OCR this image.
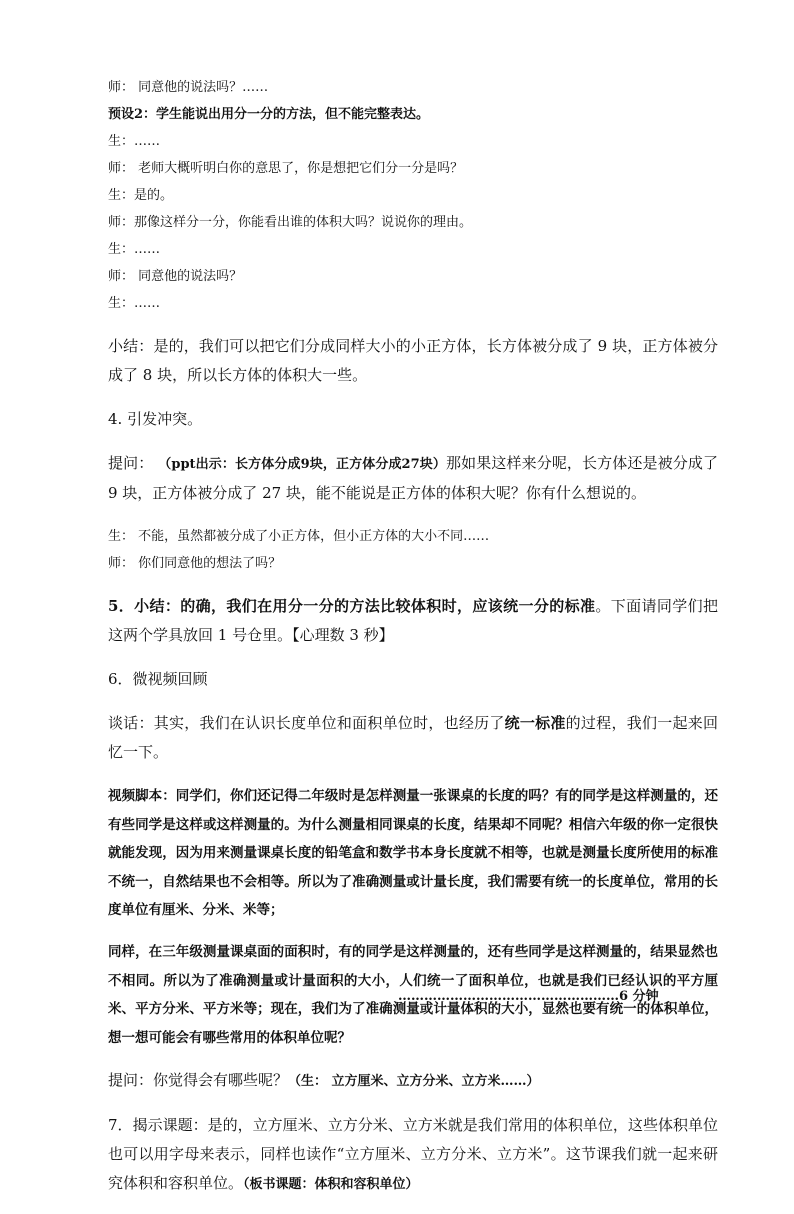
师： 同意他的说法吗？……

预设2：学生能说出用分一分的方法，但不能完整表达。

生：……

师： 老师大概听明白你的意思了，你是想把它们分一分是吗？

生：是的。

师：那像这样分一分，你能看出谁的体积大吗？说说你的理由。

生：……

师： 同意他的说法吗？

生：……

小结：是的，我们可以把它们分成同样大小的小正方体，长方体被分成了 9 块，正方体被分成了 8 块，所以长方体的体积大一些。

4. 引发冲突。

提问： （ppt出示：长方体分成9块，正方体分成27块）那如果这样来分呢，长方体还是被分成了 9 块，正方体被分成了 27 块，能不能说是正方体的体积大呢？你有什么想说的。

生： 不能，虽然都被分成了小正方体，但小正方体的大小不同……

师： 你们同意他的想法了吗？

5．小结：的确，我们在用分一分的方法比较体积时，应该统一分的标准。下面请同学们把这两个学具放回 1 号仓里。【心理数 3 秒】

6．微视频回顾

谈话：其实，我们在认识长度单位和面积单位时，也经历了统一标准的过程，我们一起来回忆一下。

视频脚本：同学们，你们还记得二年级时是怎样测量一张课桌的长度的吗？有的同学是这样测量的，还有些同学是这样或这样测量的。为什么测量相同课桌的长度，结果却不同呢？相信六年级的你一定很快就能发现，因为用来测量课桌长度的铅笔盒和数学书本身长度就不相等，也就是测量长度所使用的标准不统一，自然结果也不会相等。所以为了准确测量或计量长度，我们需要有统一的长度单位，常用的长度单位有厘米、分米、米等；

同样，在三年级测量课桌面的面积时，有的同学是这样测量的，还有些同学是这样测量的，结果显然也不相同。所以为了准确测量或计量面积的大小，人们统一了面积单位，也就是我们已经认识的平方厘米、平方分米、平方米等；现在，我们为了准确测量或计量体积的大小，显然也要有统一的体积单位，想一想可能会有哪些常用的体积单位呢？

提问：你觉得会有哪些呢？（生： 立方厘米、立方分米、立方米……）

7．揭示课题：是的，立方厘米、立方分米、立方米就是我们常用的体积单位，这些体积单位也可以用字母来表示，同样也读作“立方厘米、立方分米、立方米”。这节课我们就一起来研究体积和容积单位。（板书课题：体积和容积单位）

……………………………………………6 分钟
